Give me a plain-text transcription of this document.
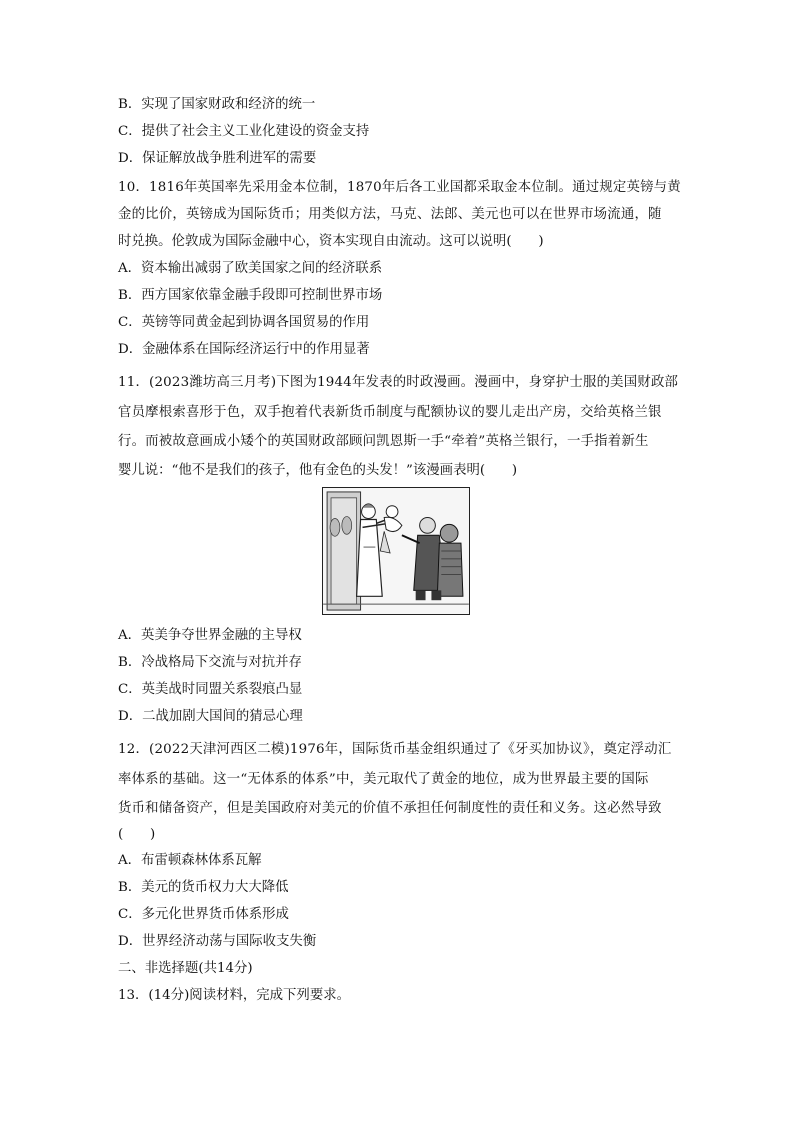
B．实现了国家财政和经济的统一
C．提供了社会主义工业化建设的资金支持
D．保证解放战争胜利进军的需要
10．1816年英国率先采用金本位制，1870年后各工业国都采取金本位制。通过规定英镑与黄
金的比价，英镑成为国际货币；用类似方法，马克、法郎、美元也可以在世界市场流通，随
时兑换。伦敦成为国际金融中心，资本实现自由流动。这可以说明(　　)
A．资本输出减弱了欧美国家之间的经济联系
B．西方国家依靠金融手段即可控制世界市场
C．英镑等同黄金起到协调各国贸易的作用
D．金融体系在国际经济运行中的作用显著
11．(2023潍坊高三月考)下图为1944年发表的时政漫画。漫画中，身穿护士服的美国财政部
官员摩根索喜形于色，双手抱着代表新货币制度与配额协议的婴儿走出产房，交给英格兰银
行。而被故意画成小矮个的英国财政部顾问凯恩斯一手“牵着”英格兰银行，一手指着新生
婴儿说：“他不是我们的孩子，他有金色的头发！”该漫画表明(　　)
A．英美争夺世界金融的主导权
B．冷战格局下交流与对抗并存
C．英美战时同盟关系裂痕凸显
D．二战加剧大国间的猜忌心理
12．(2022天津河西区二模)1976年，国际货币基金组织通过了《牙买加协议》，奠定浮动汇
率体系的基础。这一“无体系的体系”中，美元取代了黄金的地位，成为世界最主要的国际
货币和储备资产，但是美国政府对美元的价值不承担任何制度性的责任和义务。这必然导致
(　　)
A．布雷顿森林体系瓦解
B．美元的货币权力大大降低
C．多元化世界货币体系形成
D．世界经济动荡与国际收支失衡
二、非选择题(共14分)
13．(14分)阅读材料，完成下列要求。
